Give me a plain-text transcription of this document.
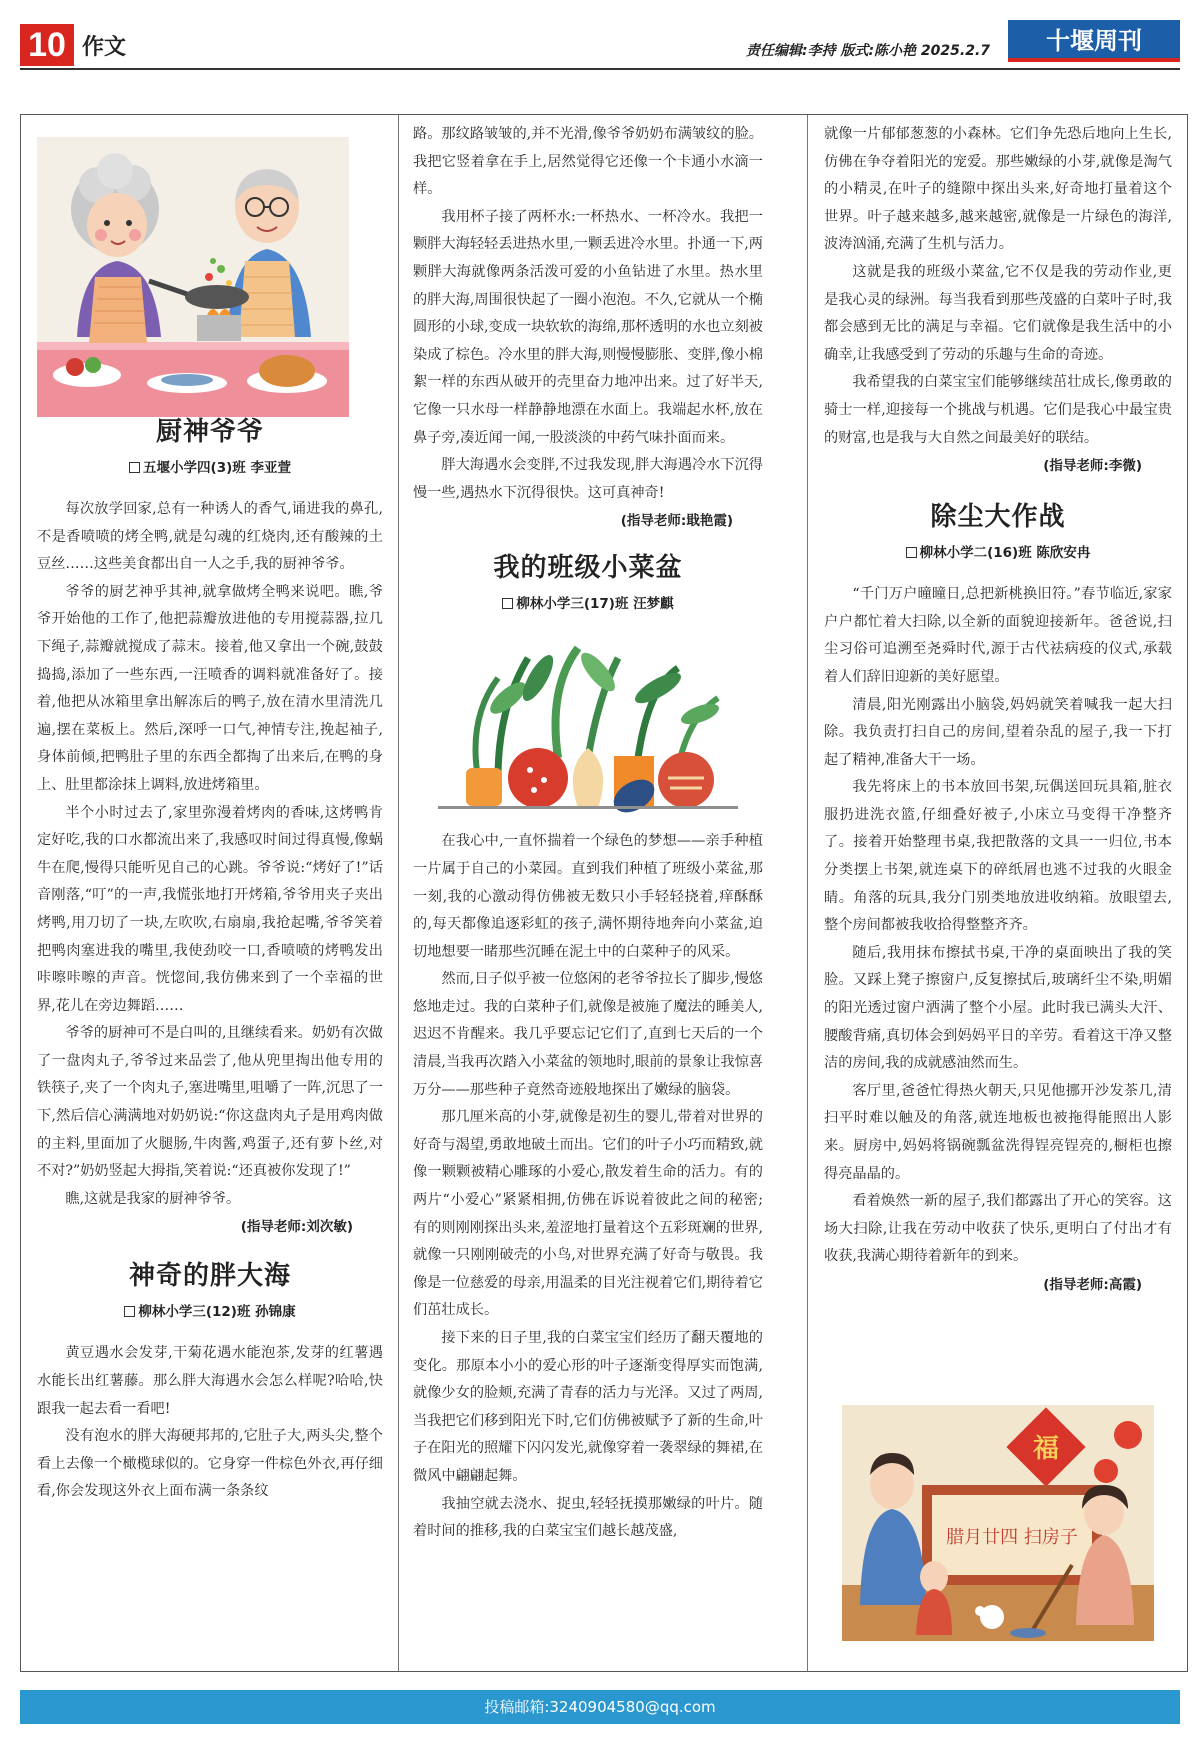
10 作文	责任编辑:李持 版式:陈小艳 2025.2.7	十堰周刊
厨神爷爷
五堰小学四(3)班 李亚萱

每次放学回家,总有一种诱人的香气,诵进我的鼻孔,不是香喷喷的烤全鸭,就是勾魂的红烧肉,还有酸辣的土豆丝……这些美食都出自一人之手,我的厨神爷爷。

爷爷的厨艺神乎其神,就拿做烤全鸭来说吧。瞧,爷爷开始他的工作了,他把蒜瓣放进他的专用搅蒜器,拉几下绳子,蒜瓣就搅成了蒜末。接着,他又拿出一个碗,鼓鼓捣捣,添加了一些东西,一汪喷香的调料就准备好了。接着,他把从冰箱里拿出解冻后的鸭子,放在清水里清洗几遍,摆在菜板上。然后,深呼一口气,神情专注,挽起袖子,身体前倾,把鸭肚子里的东西全都掏了出来后,在鸭的身上、肚里都涂抹上调料,放进烤箱里。

半个小时过去了,家里弥漫着烤肉的香味,这烤鸭肯定好吃,我的口水都流出来了,我感叹时间过得真慢,像蜗牛在爬,慢得只能听见自己的心跳。爷爷说:“烤好了!”话音刚落,“叮”的一声,我慌张地打开烤箱,爷爷用夹子夹出烤鸭,用刀切了一块,左吹吹,右扇扇,我抢起嘴,爷爷笑着把鸭肉塞进我的嘴里,我使劲咬一口,香喷喷的烤鸭发出咔嚓咔嚓的声音。恍惚间,我仿佛来到了一个幸福的世界,花儿在旁边舞蹈……

爷爷的厨神可不是白叫的,且继续看来。奶奶有次做了一盘肉丸子,爷爷过来品尝了,他从兜里掏出他专用的铁筷子,夹了一个肉丸子,塞进嘴里,咀嚼了一阵,沉思了一下,然后信心满满地对奶奶说:“你这盘肉丸子是用鸡肉做的主料,里面加了火腿肠,牛肉酱,鸡蛋子,还有萝卜丝,对不对?”奶奶竖起大拇指,笑着说:“还真被你发现了!”

瞧,这就是我家的厨神爷爷。

(指导老师:刘次敏)
神奇的胖大海
柳林小学三(12)班 孙锦康

黄豆遇水会发芽,干菊花遇水能泡茶,发芽的红薯遇水能长出红薯藤。那么胖大海遇水会怎么样呢?哈哈,快跟我一起去看一看吧!

没有泡水的胖大海硬邦邦的,它肚子大,两头尖,整个看上去像一个橄榄球似的。它身穿一件棕色外衣,再仔细看,你会发现这外衣上面布满一条条纹

路。那纹路皱皱的,并不光滑,像爷爷奶奶布满皱纹的脸。我把它竖着拿在手上,居然觉得它还像一个卡通小水滴一样。

我用杯子接了两杯水:一杯热水、一杯冷水。我把一颗胖大海轻轻丢进热水里,一颗丢进冷水里。扑通一下,两颗胖大海就像两条活泼可爱的小鱼钻进了水里。热水里的胖大海,周围很快起了一圈小泡泡。不久,它就从一个椭圆形的小球,变成一块软软的海绵,那杯透明的水也立刻被染成了棕色。冷水里的胖大海,则慢慢膨胀、变胖,像小棉絮一样的东西从破开的壳里奋力地冲出来。过了好半天,它像一只水母一样静静地漂在水面上。我端起水杯,放在鼻子旁,凑近闻一闻,一股淡淡的中药气味扑面而来。

胖大海遇水会变胖,不过我发现,胖大海遇冷水下沉得慢一些,遇热水下沉得很快。这可真神奇!

(指导老师:戢艳霞)
我的班级小菜盆
柳林小学三(17)班 汪梦麒

在我心中,一直怀揣着一个绿色的梦想——亲手种植一片属于自己的小菜园。直到我们种植了班级小菜盆,那一刻,我的心激动得仿佛被无数只小手轻轻挠着,痒酥酥的,每天都像追逐彩虹的孩子,满怀期待地奔向小菜盆,迫切地想要一睹那些沉睡在泥土中的白菜种子的风采。

然而,日子似乎被一位悠闲的老爷爷拉长了脚步,慢悠悠地走过。我的白菜种子们,就像是被施了魔法的睡美人,迟迟不肯醒来。我几乎要忘记它们了,直到七天后的一个清晨,当我再次踏入小菜盆的领地时,眼前的景象让我惊喜万分——那些种子竟然奇迹般地探出了嫩绿的脑袋。

那几厘米高的小芽,就像是初生的婴儿,带着对世界的好奇与渴望,勇敢地破土而出。它们的叶子小巧而精致,就像一颗颗被精心雕琢的小爱心,散发着生命的活力。有的两片“小爱心”紧紧相拥,仿佛在诉说着彼此之间的秘密;有的则刚刚探出头来,羞涩地打量着这个五彩斑斓的世界,就像一只刚刚破壳的小鸟,对世界充满了好奇与敬畏。我像是一位慈爱的母亲,用温柔的目光注视着它们,期待着它们茁壮成长。

接下来的日子里,我的白菜宝宝们经历了翻天覆地的变化。那原本小小的爱心形的叶子逐渐变得厚实而饱满,就像少女的脸颊,充满了青春的活力与光泽。又过了两周,当我把它们移到阳光下时,它们仿佛被赋予了新的生命,叶子在阳光的照耀下闪闪发光,就像穿着一袭翠绿的舞裙,在微风中翩翩起舞。

我抽空就去浇水、捉虫,轻轻抚摸那嫩绿的叶片。随着时间的推移,我的白菜宝宝们越长越茂盛,

就像一片郁郁葱葱的小森林。它们争先恐后地向上生长,仿佛在争夺着阳光的宠爱。那些嫩绿的小芽,就像是淘气的小精灵,在叶子的缝隙中探出头来,好奇地打量着这个世界。叶子越来越多,越来越密,就像是一片绿色的海洋,波涛汹涌,充满了生机与活力。

这就是我的班级小菜盆,它不仅是我的劳动作业,更是我心灵的绿洲。每当我看到那些茂盛的白菜叶子时,我都会感到无比的满足与幸福。它们就像是我生活中的小确幸,让我感受到了劳动的乐趣与生命的奇迹。

我希望我的白菜宝宝们能够继续茁壮成长,像勇敢的骑士一样,迎接每一个挑战与机遇。它们是我心中最宝贵的财富,也是我与大自然之间最美好的联结。

(指导老师:李微)
除尘大作战
柳林小学二(16)班 陈欣安冉

“千门万户曈曈日,总把新桃换旧符。”春节临近,家家户户都忙着大扫除,以全新的面貌迎接新年。爸爸说,扫尘习俗可追溯至尧舜时代,源于古代祛病疫的仪式,承载着人们辞旧迎新的美好愿望。

清晨,阳光刚露出小脑袋,妈妈就笑着喊我一起大扫除。我负责打扫自己的房间,望着杂乱的屋子,我一下打起了精神,准备大干一场。

我先将床上的书本放回书架,玩偶送回玩具箱,脏衣服扔进洗衣篮,仔细叠好被子,小床立马变得干净整齐了。接着开始整理书桌,我把散落的文具一一归位,书本分类摆上书架,就连桌下的碎纸屑也逃不过我的火眼金睛。角落的玩具,我分门别类地放进收纳箱。放眼望去,整个房间都被我收拾得整整齐齐。

随后,我用抹布擦拭书桌,干净的桌面映出了我的笑脸。又踩上凳子擦窗户,反复擦拭后,玻璃纤尘不染,明媚的阳光透过窗户洒满了整个小屋。此时我已满头大汗、腰酸背痛,真切体会到妈妈平日的辛劳。看着这干净又整洁的房间,我的成就感油然而生。

客厅里,爸爸忙得热火朝天,只见他挪开沙发茶几,清扫平时难以触及的角落,就连地板也被拖得能照出人影来。厨房中,妈妈将锅碗瓢盆洗得锃亮锃亮的,橱柜也擦得亮晶晶的。

看着焕然一新的屋子,我们都露出了开心的笑容。这场大扫除,让我在劳动中收获了快乐,更明白了付出才有收获,我满心期待着新年的到来。

(指导老师:高霞)
福
腊月廿四 扫房子
投稿邮箱:3240904580@qq.com
